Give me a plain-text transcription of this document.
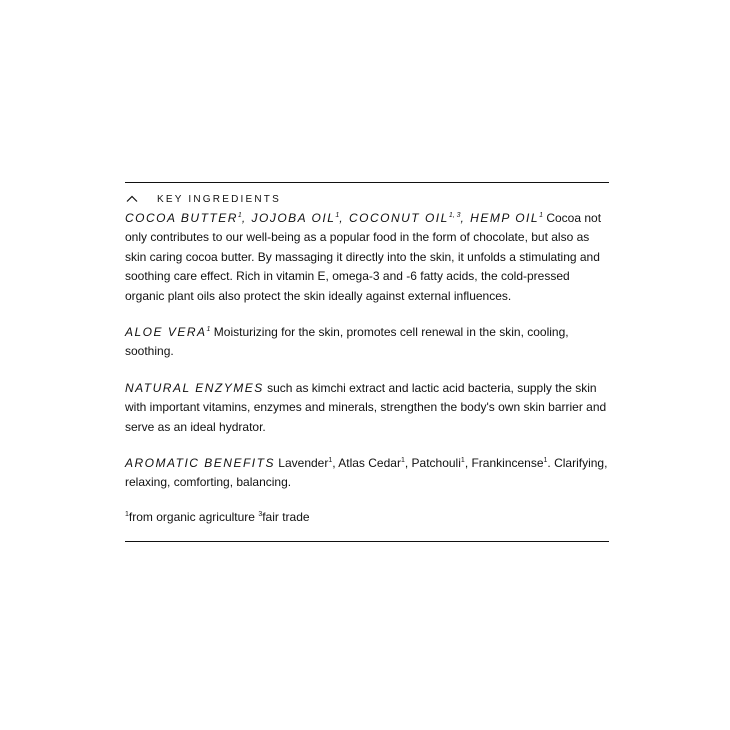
KEY INGREDIENTS

COCOA BUTTER$^1$, JOJOBA OIL$^1$, COCONUT OIL$^{1, 3}$, HEMP OIL$^1$ Cocoa not only contributes to our well-being as a popular food in the form of chocolate, but also as skin caring cocoa butter. By massaging it directly into the skin, it unfolds a stimulating and soothing care effect. Rich in vitamin E, omega-3 and -6 fatty acids, the cold-pressed organic plant oils also protect the skin ideally against external influences.

ALOE VERA$^1$ Moisturizing for the skin, promotes cell renewal in the skin, cooling, soothing.

NATURAL ENZYMES such as kimchi extract and lactic acid bacteria, supply the skin with important vitamins, enzymes and minerals, strengthen the body's own skin barrier and serve as an ideal hydrator.

AROMATIC BENEFITS Lavender$^1$, Atlas Cedar$^1$, Patchouli$^1$, Frankincense$^1$. Clarifying, relaxing, comforting, balancing.

$^1$from organic agriculture $^3$fair trade
